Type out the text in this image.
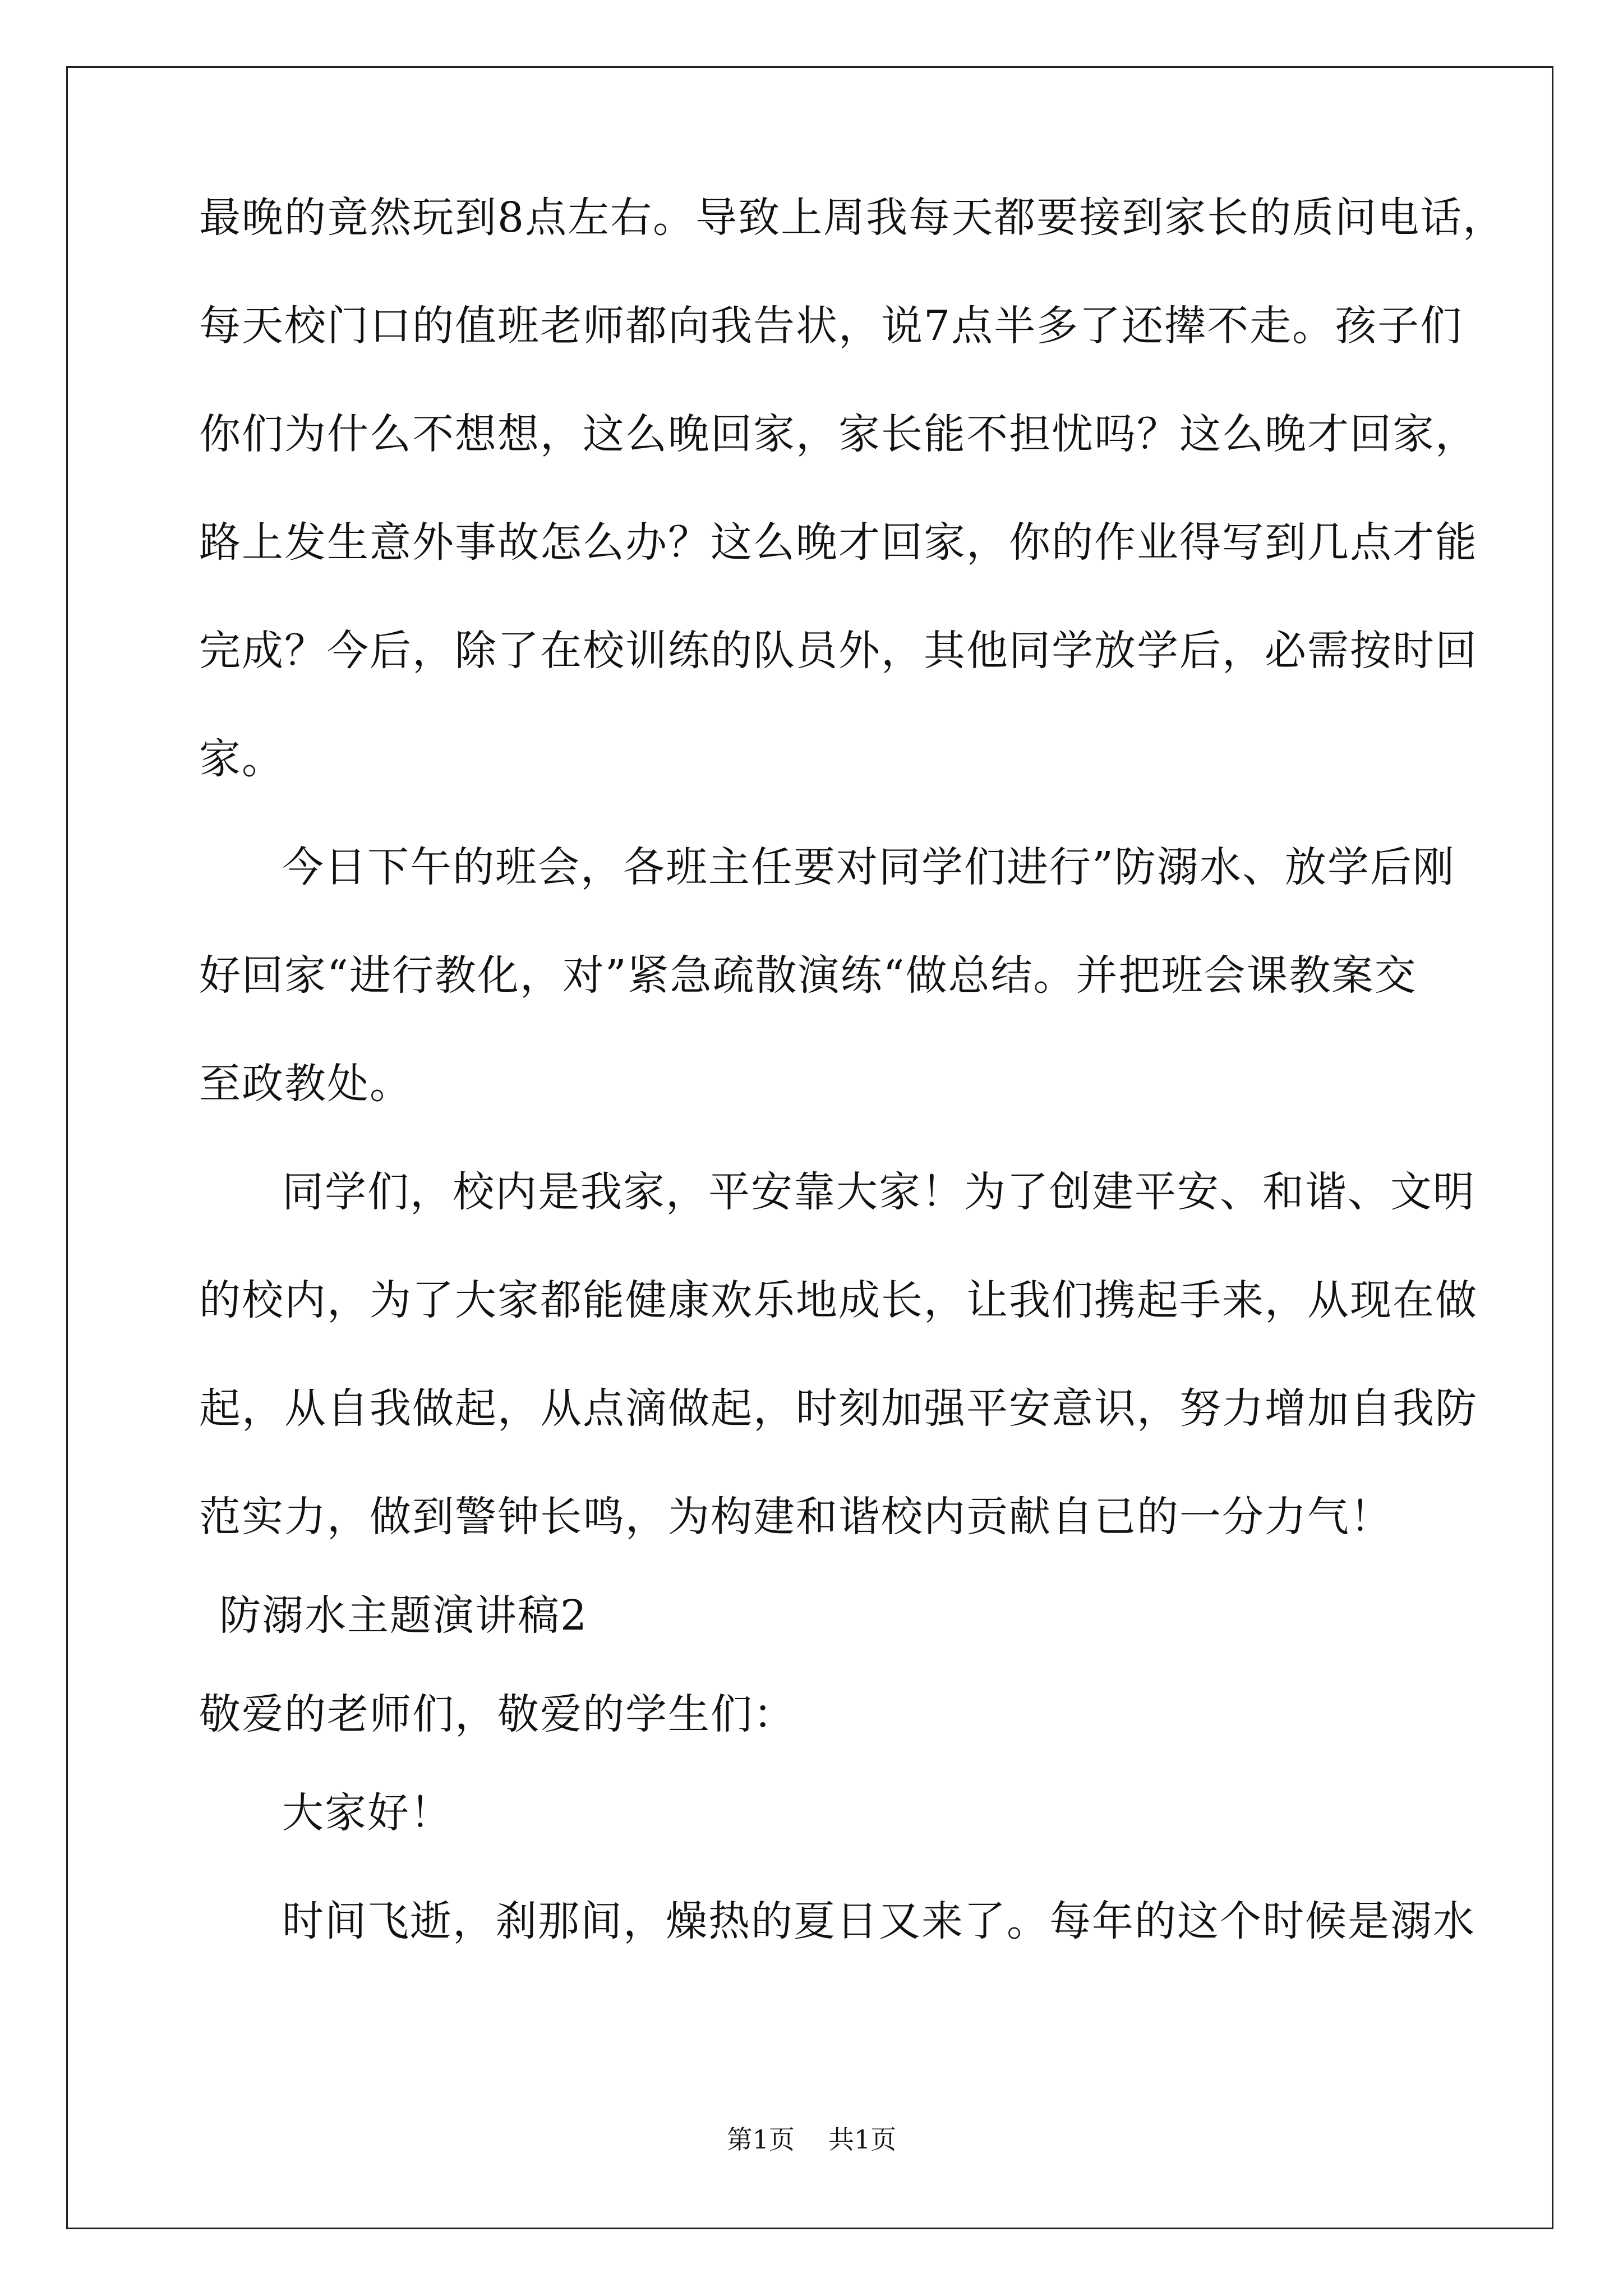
最晚的竟然玩到8点左右。导致上周我每天都要接到家长的质问电话，
每天校门口的值班老师都向我告状，说7点半多了还撵不走。孩子们
你们为什么不想想，这么晚回家，家长能不担忧吗？这么晚才回家，
路上发生意外事故怎么办？这么晚才回家，你的作业得写到几点才能
完成？今后，除了在校训练的队员外，其他同学放学后，必需按时回
家。
今日下午的班会，各班主任要对同学们进行”防溺水、放学后刚
好回家“进行教化，对”紧急疏散演练“做总结。并把班会课教案交
至政教处。
同学们，校内是我家，平安靠大家！为了创建平安、和谐、文明
的校内，为了大家都能健康欢乐地成长，让我们携起手来，从现在做
起，从自我做起，从点滴做起，时刻加强平安意识，努力增加自我防
范实力，做到警钟长鸣，为构建和谐校内贡献自已的一分力气！
防溺水主题演讲稿2
敬爱的老师们，敬爱的学生们：
大家好！
时间飞逝，刹那间，燥热的夏日又来了。每年的这个时候是溺水
第1页 共1页
